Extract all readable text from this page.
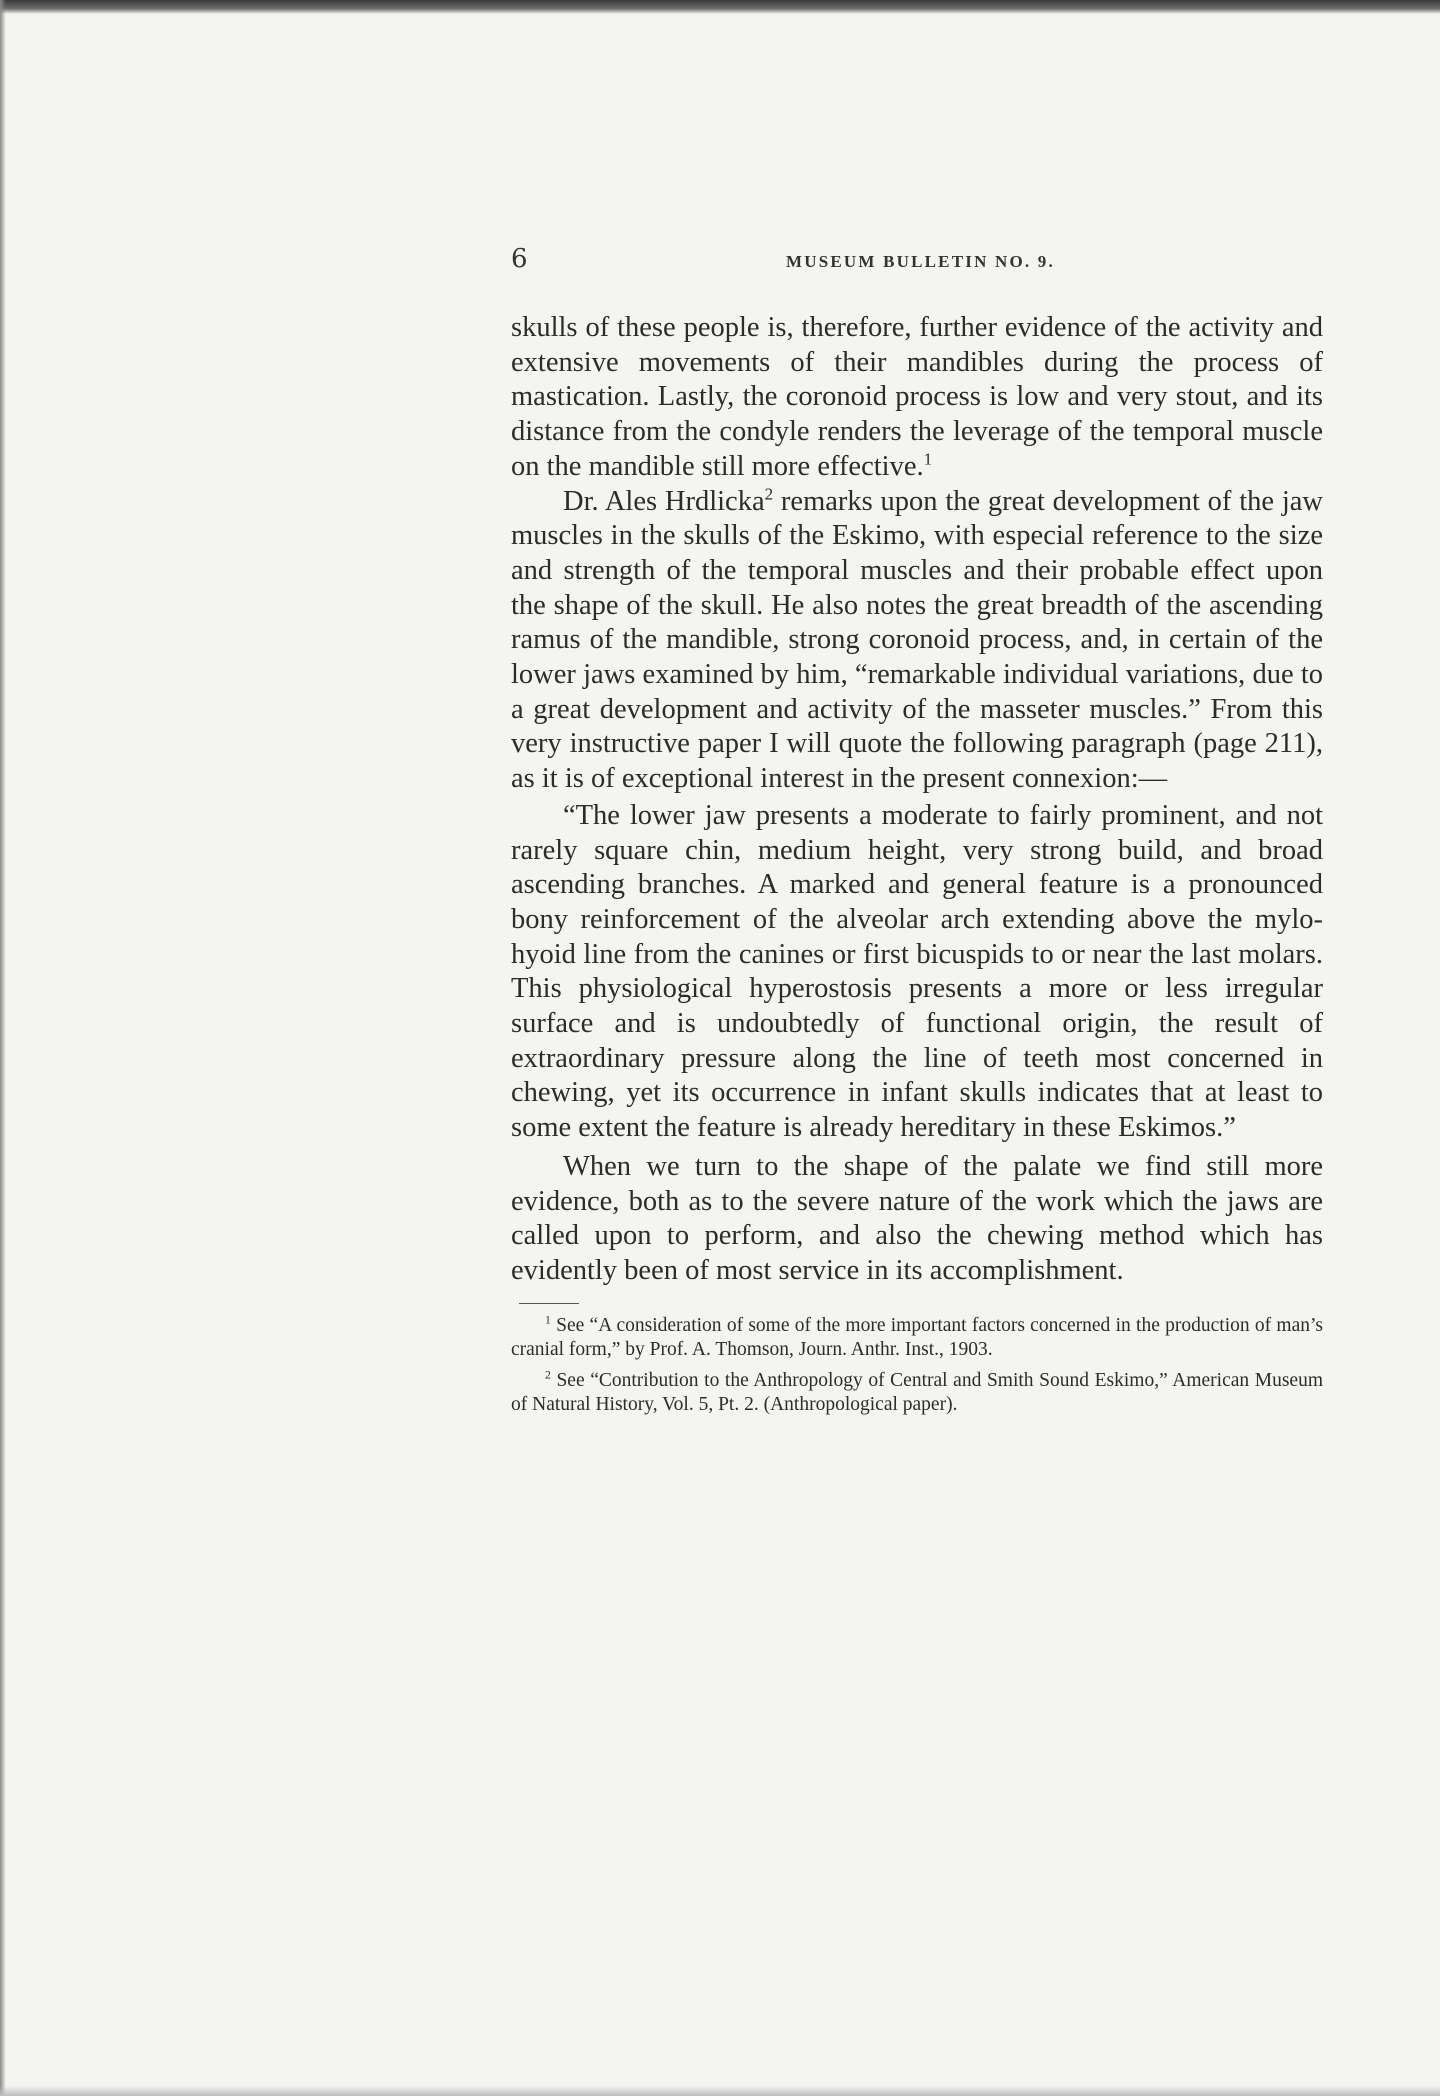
6	MUSEUM BULLETIN NO. 9.

skulls of these people is, therefore, further evidence of the activity and extensive movements of their mandibles during the process of mastication. Lastly, the coronoid process is low and very stout, and its distance from the condyle renders the leverage of the temporal muscle on the mandible still more effective.$^1$

Dr. Ales Hrdlicka$^2$ remarks upon the great development of the jaw muscles in the skulls of the Eskimo, with especial reference to the size and strength of the temporal muscles and their probable effect upon the shape of the skull. He also notes the great breadth of the ascending ramus of the mandible, strong coronoid process, and, in certain of the lower jaws examined by him, “remarkable individual variations, due to a great development and activity of the masseter muscles.” From this very instructive paper I will quote the following paragraph (page 211), as it is of exceptional interest in the present connexion:—

“The lower jaw presents a moderate to fairly prominent, and not rarely square chin, medium height, very strong build, and broad ascending branches. A marked and general feature is a pronounced bony reinforcement of the alveolar arch extending above the mylo-hyoid line from the canines or first bicuspids to or near the last molars. This physiological hyperostosis presents a more or less irregular surface and is undoubtedly of functional origin, the result of extraordinary pressure along the line of teeth most concerned in chewing, yet its occurrence in infant skulls indicates that at least to some extent the feature is already hereditary in these Eskimos.”

When we turn to the shape of the palate we find still more evidence, both as to the severe nature of the work which the jaws are called upon to perform, and also the chewing method which has evidently been of most service in its accomplishment.

$^1$ See “A consideration of some of the more important factors concerned in the production of man’s cranial form,” by Prof. A. Thomson, Journ. Anthr. Inst., 1903.

$^2$ See “Contribution to the Anthropology of Central and Smith Sound Eskimo,” American Museum of Natural History, Vol. 5, Pt. 2. (Anthropological paper).
